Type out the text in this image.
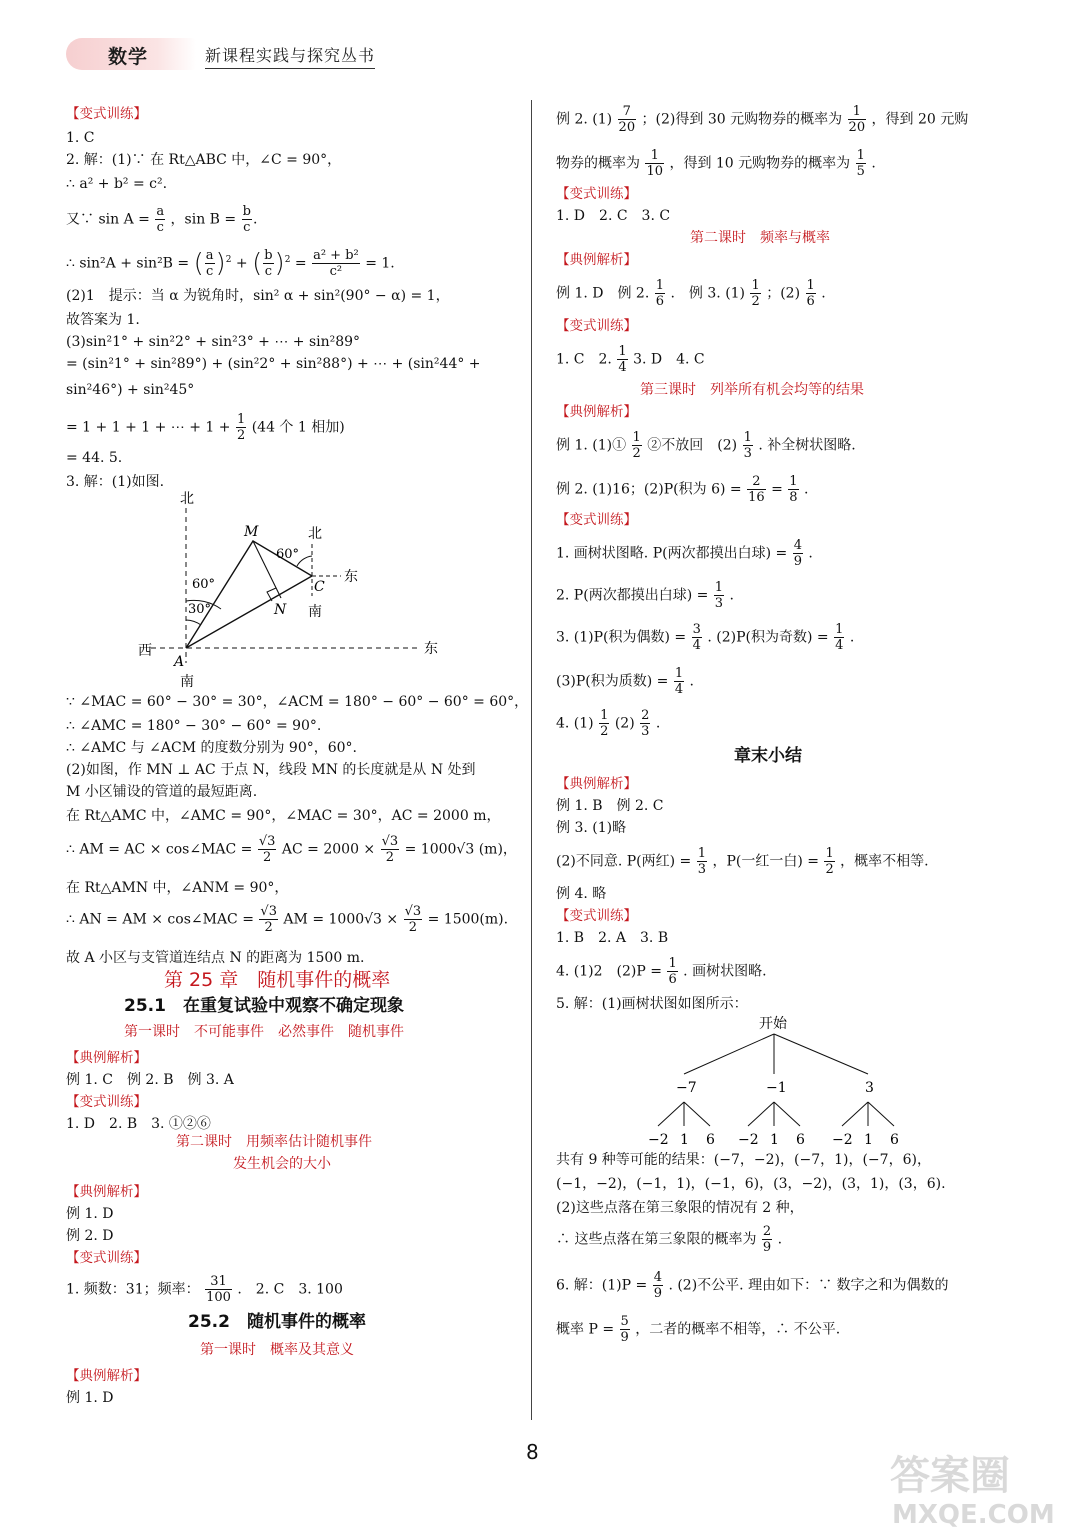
数学	新课程实践与探究丛书
【变式训练】
1. C
2. 解：(1)∵ 在 Rt△ABC 中，∠C = 90°，
∴ a² + b² = c².
又∵ $\sin A = \frac{a}{c}$ ，$\sin B = \frac{b}{c}$ .
∴ sin²A + sin²B = ( $\frac{a}{c} )^2$ + ( $\frac{b}{c} )^2 = \frac{\text{a² + b²}}{\text{c²}} = 1$.
(2)1　提示：当 α 为锐角时，sin² α + sin²(90° − α) = 1，
故答案为 1.
(3)sin²1° + sin²2° + sin²3° + ⋯ + sin²89°
= (sin²1° + sin²89°) + (sin²2° + sin²88°) + ⋯ + (sin²44° +
sin²46°) + sin²45°
= 1 + 1 + 1 + ⋯ + $1 + \frac{1}{2} (44$ 个 1 相加)
= 44. 5.
3. 解：(1)如图.
北
北
东
东
南
南
西
M
C
N
A
60°
60°
30°
∵ ∠MAC = 60° − 30° = 30°，∠ACM = 180° − 60° − 60° = 60°，
∴ ∠AMC = 180° − 30° − 60° = 90°.
∴ ∠AMC 与 ∠ACM 的度数分别为 90°，60°.
(2)如图，作 MN ⊥ AC 于点 N，线段 MN 的长度就是从 N 处到
M 小区铺设的管道的最短距离.
在 Rt△AMC 中，∠AMC = 90°，∠MAC = 30°，AC = 2000 m，
∴ AM = AC × cos∠MAC = $\frac{√3}{2}$ AC = $2000 \times \frac{√3}{2} = 1000√3$ (m)，
在 Rt△AMN 中，∠ANM = 90°，
∴ AN = AM × cos∠MAC = $\frac{√3}{2}$ AM = $1000√3 \times \frac{√3}{2} = 1500(m)$.
故 A 小区与支管道连结点 N 的距离为 1500 m.
第 25 章　随机事件的概率
25.1　在重复试验中观察不确定现象
第一课时　不可能事件　必然事件　随机事件
【典例解析】
例 1. C　例 2. B　例 3. A
【变式训练】
1. D　2. B　3. ①②⑥
第二课时　用频率估计随机事件
发生机会的大小
【典例解析】
例 1. D
例 2. D
【变式训练】
1. 频数：31；频率： $\frac{31}{100}$ .　2. C　3. 100
25.2　随机事件的概率
第一课时　概率及其意义
【典例解析】
例 1. D
例 2. $(1) \frac{7}{20}$ ；(2)得到 30 元购物券的概率为 $\frac{1}{20}$ ，得到 20 元购
物券的概率为 $\frac{1}{10}$ ，得到 10 元购物券的概率为 $\frac{1}{5}$ .
【变式训练】
1. D　2. C　3. C
第二课时　频率与概率
【典例解析】
例 1. D　例 2. $\frac{1}{6}$ .　例 3. $(1) \frac{1}{2}$ ；$(2) \frac{1}{6}$ .
【变式训练】
1. C　2. $\frac{1}{4} 3$. D　4. C
第三课时　列举所有机会均等的结果
【典例解析】
例 1. (1)① $\frac{1}{2}$ ②不放回　$(2) \frac{1}{3}$ . 补全树状图略.
例 2. (1)16；(2)P(积为 $6) = \frac{2}{16} = \frac{1}{8}$ .
【变式训练】
1. 画树状图略. P(两次都摸出白球) = $\frac{4}{9}$ .
2. P(两次都摸出白球) = $\frac{1}{3}$ .
3. (1)P(积为偶数) = $\frac{3}{4}$ . (2)P(积为奇数) = $\frac{1}{4}$ .
(3)P(积为质数) = $\frac{1}{4}$ .
4. $(1) \frac{1}{2} (2) \frac{2}{3}$ .
章末小结
【典例解析】
例 1. B　例 2. C
例 3. (1)略
(2)不同意. P(两红) = $\frac{1}{3}$ ，P(一红一白) = $\frac{1}{2}$ ，概率不相等.
例 4. 略
【变式训练】
1. B　2. A　3. B
4. (1)2　$(2)P = \frac{1}{6}$ . 画树状图略.
5. 解：(1)画树状图如图所示：
开始
−7	−1	3
−2 1 6 −2 1 6 −2 1 6
共有 9 种等可能的结果：(−7，−2)，(−7，1)，(−7，6)，
(−1，−2)，(−1，1)，(−1，6)，(3，−2)，(3，1)，(3，6).
(2)这些点落在第三象限的情况有 2 种，
∴ 这些点落在第三象限的概率为 $\frac{2}{9}$ .
6. 解：$(1)P = \frac{4}{9}$ . (2)不公平. 理由如下：∵ 数字之和为偶数的
概率 $P = \frac{5}{9}$ ，二者的概率不相等，∴ 不公平.
8
答案圈
MXQE.COM
